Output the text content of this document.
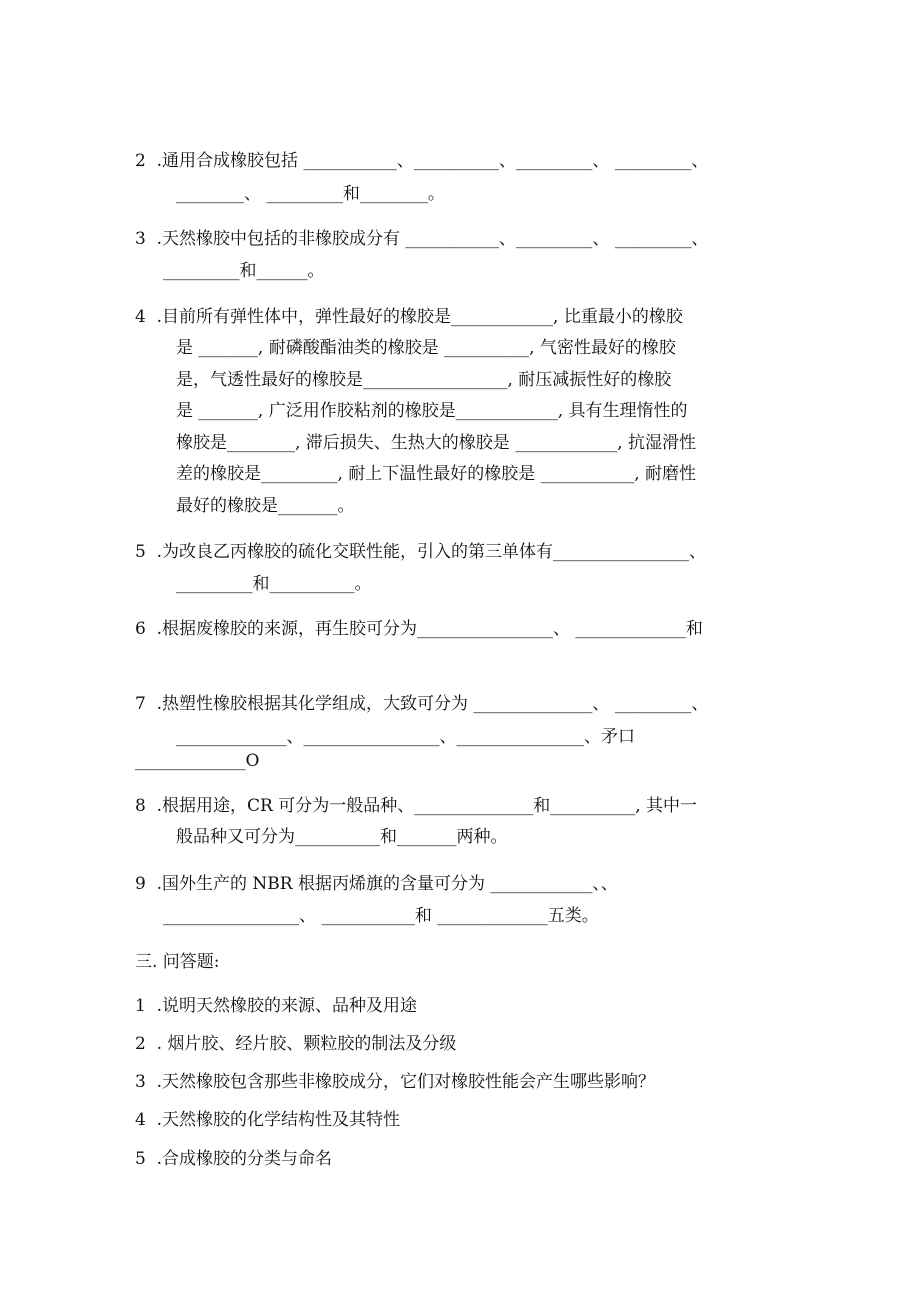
2  .通用合成橡胶包括 ___________、__________、_________、 _________、
________、 _________和________。
3  .天然橡胶中包括的非橡胶成分有 ___________、_________、 _________、
_________和______。
4  .目前所有弹性体中，弹性最好的橡胶是____________, 比重最小的橡胶
是 _______, 耐磷酸酯油类的橡胶是 __________, 气密性最好的橡胶
是，气透性最好的橡胶是_________________, 耐压减振性好的橡胶
是 _______, 广泛用作胶粘剂的橡胶是____________, 具有生理惰性的
橡胶是________, 滞后损失、生热大的橡胶是 ____________, 抗湿滑性
差的橡胶是_________, 耐上下温性最好的橡胶是 ___________, 耐磨性
最好的橡胶是_______。
5  .为改良乙丙橡胶的硫化交联性能，引入的第三单体有________________、
_________和__________。
6  .根据废橡胶的来源，再生胶可分为________________、 _____________和
7  .热塑性橡胶根据其化学组成，大致可分为 ______________、 _________、
_____________、________________、_______________、矛口
_____________O
8  .根据用途，CR 可分为一般品种、______________和__________, 其中一
般品种又可分为__________和_______两种。
9  .国外生产的 NBR 根据丙烯旗的含量可分为 ____________、、
________________、 ___________和 _____________五类。
三. 问答题:
1  .说明天然橡胶的来源、品种及用途
2  . 烟片胶、经片胶、颗粒胶的制法及分级
3  .天然橡胶包含那些非橡胶成分，它们对橡胶性能会产生哪些影响？
4  .天然橡胶的化学结构性及其特性
5  .合成橡胶的分类与命名
